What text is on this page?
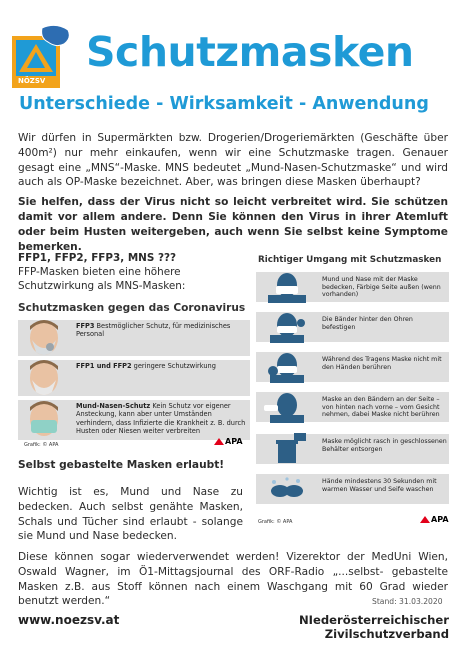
NÖZSV
Schutzmasken
Unterschiede - Wirksamkeit - Anwendung
Wir dürfen in Supermärkten bzw. Drogerien/Drogeriemärkten (Geschäfte über 400m²) nur mehr einkaufen, wenn wir eine Schutzmaske tragen. Genauer gesagt eine „MNS“-Maske. MNS bedeutet „Mund-Nasen-Schutzmaske“ und wird auch als OP-Maske bezeichnet. Aber, was bringen diese Masken überhaupt?
Sie helfen, dass der Virus nicht so leicht verbreitet wird. Sie schützen damit vor allem andere. Denn Sie können den Virus in ihrer Atemluft oder beim Husten weitergeben, auch wenn Sie selbst keine Symptome bemerken.
FFP1, FFP2, FFP3, MNS ???
FFP-Masken bieten eine höhere Schutzwirkung als MNS-Masken:
Schutzmasken gegen das Coronavirus
FFP3 Bestmöglicher Schutz, für medizinisches Personal
FFP1 und FFP2 geringere Schutzwirkung
Mund-Nasen-Schutz Kein Schutz vor eigener Ansteckung, kann aber unter Umständen verhindern, dass Infizierte die Krankheit z. B. durch Husten oder Niesen weiter verbreiten
Grafik: © APA	APA
Selbst gebastelte Masken erlaubt!
Wichtig ist es, Mund und Nase zu bedecken. Auch selbst genähte Masken, Schals und Tücher sind erlaubt - solange sie Mund und Nase bedecken.
Richtiger Umgang mit Schutzmasken
Mund und Nase mit der Maske bedecken, Färbige Seite außen (wenn vorhanden)
Die Bänder hinter den Ohren befestigen
Während des Tragens Maske nicht mit den Händen berühren
Maske an den Bändern an der Seite – von hinten nach vorne – vom Gesicht nehmen, dabei Maske nicht berühren
Maske möglicht rasch in geschlossenen Behälter entsorgen
Hände mindestens 30 Sekunden mit warmen Wasser und Seife waschen
Grafik: © APA	APA
Diese können sogar wiederverwendet werden! Vizerektor der MedUni Wien, Oswald Wagner, im Ö1-Mittagsjournal des ORF-Radio „...selbst- gebastelte Masken z.B. aus Stoff können nach einem Waschgang mit 60 Grad wieder benutzt werden.“	Stand: 31.03.2020
www.noezsv.at	NIederösterreichischer Zivilschutzverband
